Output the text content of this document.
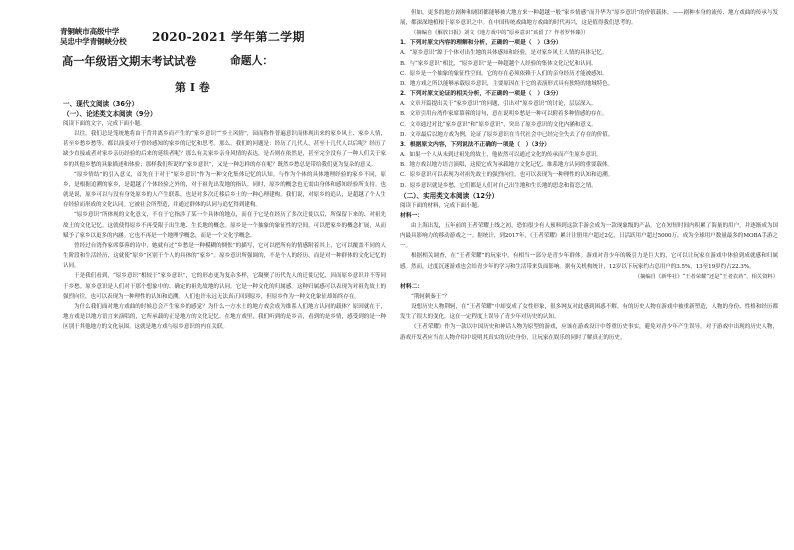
青铜峡市高级中学
吴忠中学青铜峡分校 2020-2021 学年第二学期
高一年级语文期末考试试卷	命题人：
第 I 卷

一、现代文阅读（36分）

（一）、论述类文本阅读（9分）

阅读下面的文字，完成下面小题。

以往，我们总是笼统地将由于背井离乡而产生的“家乡意识”“乡土风情”，园而称作普遍意识而体现出来的家乡风土、家乡人情，甚至乡愁乡愁等，都以演变对于曾经感知的家乡的记忆和思考。那么，我们的问题是：经历了几代人，甚至十几代人以后呢？经历了缺少直接或者对家乡亲历经验的后来的延续者呢？那么有关家乡亲身风情的表达，是否则在依然是，甚至完全没有了一种人们关于家乡的其他乡愁的具象描述和体验；那样我们所说的“家乡意识”，又是一种怎样的存在呢？既然乡愁总是带给我们更为复杂的意义。

“原乡情结”的引入意义，首先在于对于“原乡意识”作为一种文化集体记忆的认知。与作为个体的具体地理经验的家乡不同，原乡，是根据追溯的家乡，是超越了个体经验之外的，对于祖先出发地的指认。同时，原乡的概念也无需由身体和感知经验所支持。也就是说，原乡可以与没有身处原乡的人产生联系，也是对多次迁移后乡土的一种心理建构。我们说，对原乡的追认，是超越了个人生存经验而形成的文化认同。它被社会所塑造，并通过群体的认同与追忆得到建构。

“原乡意识”所体现的文化意义，不在于它指涉了某一个具体的地点，而在于它是在经历了多次迁徙以后，所保留下来的、对祖先故土的文化记忆。这就使得原乡不再受限于出生地、生长地的概念。原乡是一个抽象的象征性的空间，可以把家乡的概念扩展，从而赋予了家乡以更多的内涵。它也不再是一个地理学概念，而是一个文化学概念。

曾经过台湾作家席慕蓉的诗中，她就有过“乡愁是一种模糊的惆怅”的描写，它可以把所有的情感附着其上，它可以覆盖不同的人生阶段和生活经历，这就使“原乡”区别于个人的具体的“家乡”。原乡意识所强调的，不是个人的经历，而是对一种群体的文化记忆的认同。

于是我们看到，“原乡意识”相较于“家乡意识”，它的形态更为复杂多样，它凝聚了历代先人的迁徙记忆，因而原乡意识并不等同于乡愁。原乡意识是人们对于那个想象中的、确定的祖先故地的认同。它是一种文化的归属感。这种归属感可以表现为对祖先故土的强烈向往，也可以表现为一种理性的认知和追溯。人们也许永远无法真正回到原乡，但原乡作为一种文化象征却始终存在。

为什么我们面对地方戏曲的时候总会产生家乡的感觉？为什么一方水土的地方戏会成为维系人们地方认同的载体？原因就在于，地方戏是以地方语言来演唱的，它所承载的正是地方的文化记忆。在地方戏里，我们听到的是乡音，看到的是乡情，感受到的是一种区别于其他地方的文化氛围。这就是地方戏与原乡意识的内在关联。

但如，更多的地方剧种和剧团都能够被大地方来一种超越一般“家乡情感”而升华为“原乡意识”的价值载体。——剧种本身的流传、地方戏曲的传承与发展，都深深地植根于原乡意识之中。在中国传统戏曲地方戏曲的时代再兴，这是值得我们思考的。

（摘编自《解放日报》刘文《地方戏中的“原乡意识”该留了？作者罗怀臻》）

1．下列对原文内容的理解和分析，正确的一项是（　）（3分）

A．“原乡意识”源于个体对出生地的具体感知和经验，是对家乡风土人情的具体记忆。

B．与“家乡意识”相比，“原乡意识”是一种超越个人经验的集体文化记忆和认同。

C．原乡是一个抽象的象征性空间，它的存在必须依赖于人们的亲身经历才能被感知。

D．地方戏之所以能够承载原乡意识，主要原因在于它的表演形式具有独特的地域特色。

2．下列对原文论证的相关分析，不正确的一项是（　）（3分）

A．文章开篇提出关于“家乡意识”的问题，引出对“原乡意识”的讨论，层层深入。

B．文章引用台湾作家席慕蓉的诗句，意在说明乡愁是一种可以附着多种情感的存在。

C．文章通过对比“家乡意识”和“原乡意识”，突出了原乡意识的文化内涵和意义。

D．文章最后以地方戏为例，论证了原乡意识在当代社会中已经完全失去了存在的价值。

3．根据原文内容，下列说法不正确的一项是（　）（3分）

A．如果一个人从未到过祖先的故土，他依然可以通过文化的传承而产生原乡意识。

B．地方戏以地方语言演唱，这使它成为承载地方文化记忆、维系地方认同的重要载体。

C．原乡意识可以表现为对祖先故土的强烈向往，也可以表现为一种理性的认知和追溯。

D．原乡意识就是乡愁，它们都是人们对自己出生地和生长地的思念和留恋之情。

（二）、实用类文本阅读（12分）

阅读下面的材料，完成下面小题。

材料一：

由上海出发，五年前的王者荣耀上线之初，恐怕很少有人预料到这款手游会成为一款现象级的产品。它在短短时间内积累了海量的用户，并逐渐成为国内最具影响力的移动游戏之一。据统计，到2017年，《王者荣耀》累计注册用户超过2亿，日活跃用户超过5000万，成为全球用户数量最多的MOBA手游之一。

根据相关调查，在“王者荣耀”的玩家中，有相当一部分是青少年群体。游戏对青少年的吸引力是巨大的，它可以让玩家在游戏中体验到成就感和归属感。然而，过度沉迷游戏也会给青少年的学习和生活带来负面影响。据有关机构统计，12岁以下玩家约占总用户的3.5%，13至19岁约占22.3%。

（摘编自《新华社》“王者荣耀”还是“王者农药”，相关资料）

材料二：

“荆轲刺秦王”？

设想历史人物荆轲，在“王者荣耀”中却变成了女性形象，很多网友对此感到困惑不解。有的历史人物在游戏中被重新塑造，人物的身份、性格和经历都发生了很大的变化，这在一定程度上误导了青少年对历史的认知。

《王者荣耀》作为一款以中国历史和神话人物为原型的游戏，应该在游戏设计中尊重历史事实，避免对青少年产生误导。对于游戏中出现的历史人物，游戏开发者应当在人物介绍中说明其真实的历史身份，让玩家在娱乐的同时了解真正的历史。
